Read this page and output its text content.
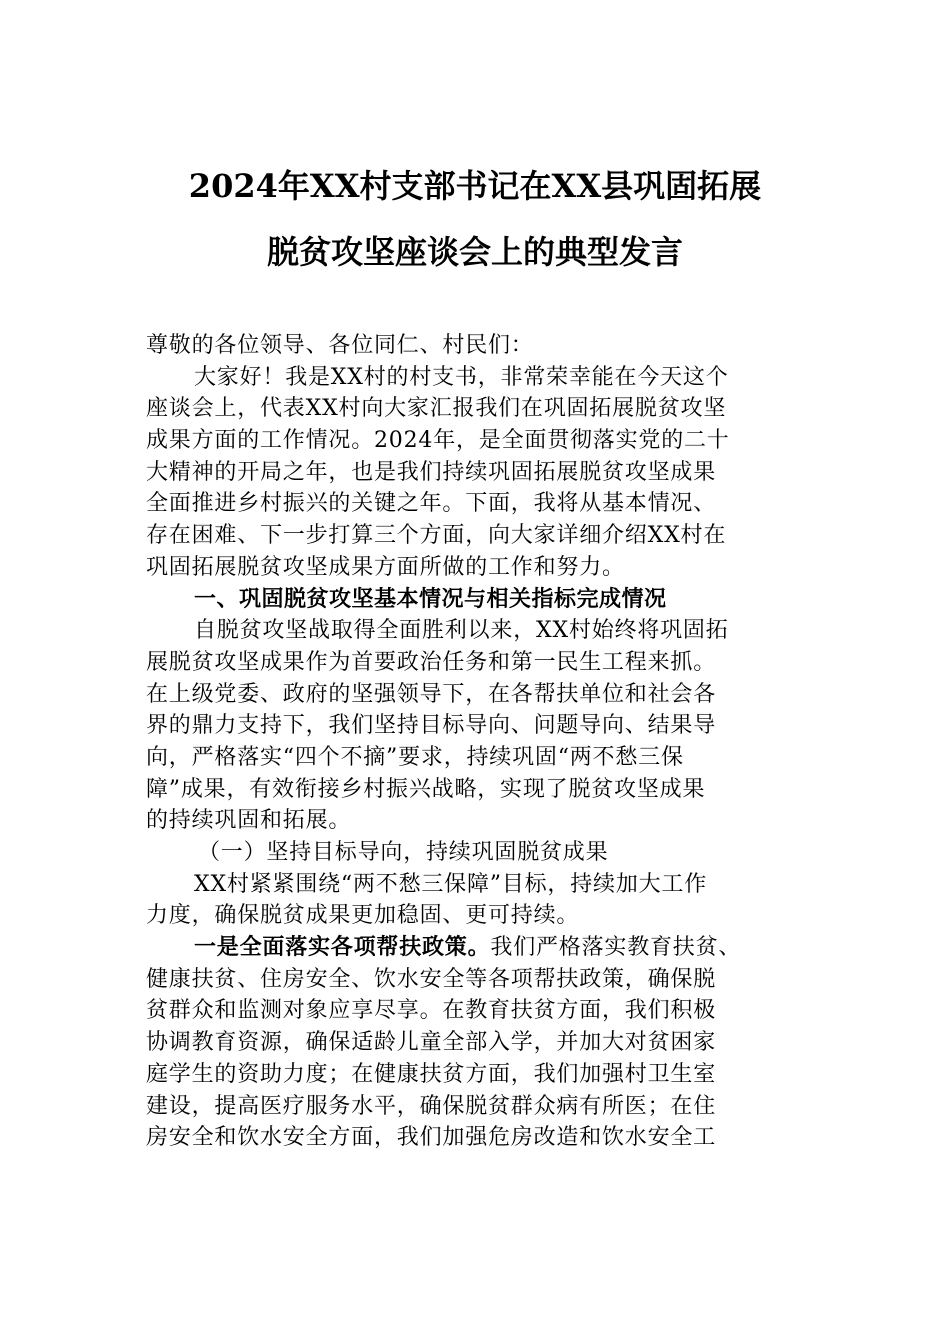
2024年XX村支部书记在XX县巩固拓展
脱贫攻坚座谈会上的典型发言
尊敬的各位领导、各位同仁、村民们：
大家好！我是XX村的村支书，非常荣幸能在今天这个
座谈会上，代表XX村向大家汇报我们在巩固拓展脱贫攻坚
成果方面的工作情况。2024年，是全面贯彻落实党的二十
大精神的开局之年，也是我们持续巩固拓展脱贫攻坚成果
全面推进乡村振兴的关键之年。下面，我将从基本情况、
存在困难、下一步打算三个方面，向大家详细介绍XX村在
巩固拓展脱贫攻坚成果方面所做的工作和努力。
一、巩固脱贫攻坚基本情况与相关指标完成情况
自脱贫攻坚战取得全面胜利以来，XX村始终将巩固拓
展脱贫攻坚成果作为首要政治任务和第一民生工程来抓。
在上级党委、政府的坚强领导下，在各帮扶单位和社会各
界的鼎力支持下，我们坚持目标导向、问题导向、结果导
向，严格落实“四个不摘”要求，持续巩固“两不愁三保
障”成果，有效衔接乡村振兴战略，实现了脱贫攻坚成果
的持续巩固和拓展。
（一）坚持目标导向，持续巩固脱贫成果
XX村紧紧围绕“两不愁三保障”目标，持续加大工作
力度，确保脱贫成果更加稳固、更可持续。
一是全面落实各项帮扶政策。我们严格落实教育扶贫、
健康扶贫、住房安全、饮水安全等各项帮扶政策，确保脱
贫群众和监测对象应享尽享。在教育扶贫方面，我们积极
协调教育资源，确保适龄儿童全部入学，并加大对贫困家
庭学生的资助力度；在健康扶贫方面，我们加强村卫生室
建设，提高医疗服务水平，确保脱贫群众病有所医；在住
房安全和饮水安全方面，我们加强危房改造和饮水安全工
